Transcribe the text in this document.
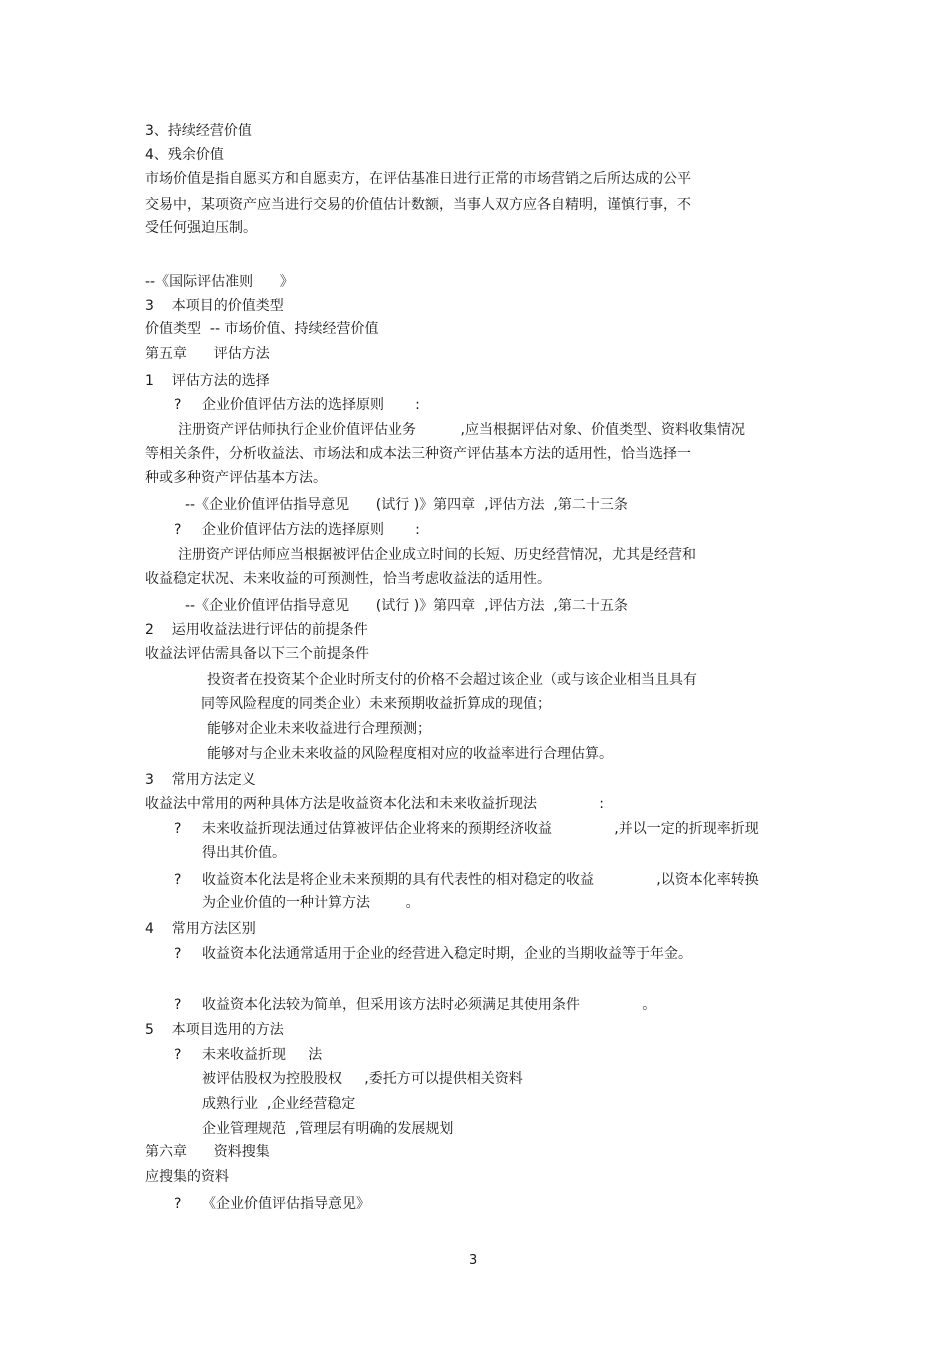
3、持续经营价值
4、残余价值
市场价值是指自愿买方和自愿卖方，在评估基准日进行正常的市场营销之后所达成的公平
交易中，某项资产应当进行交易的价值估计数额，当事人双方应各自精明，谨慎行事，不
受任何强迫压制。
--《国际评估准则      》
3    本项目的价值类型
价值类型  -- 市场价值、持续经营价值
第五章      评估方法
1    评估方法的选择
? 企业价值评估方法的选择原则       :
注册资产评估师执行企业价值评估业务          ,应当根据评估对象、价值类型、资料收集情况
等相关条件，分析收益法、市场法和成本法三种资产评估基本方法的适用性，恰当选择一
种或多种资产评估基本方法。
--《企业价值评估指导意见      (试行 )》第四章  ,评估方法  ,第二十三条
? 企业价值评估方法的选择原则       :
注册资产评估师应当根据被评估企业成立时间的长短、历史经营情况，尤其是经营和
收益稳定状况、未来收益的可预测性，恰当考虑收益法的适用性。
--《企业价值评估指导意见      (试行 )》第四章  ,评估方法  ,第二十五条
2    运用收益法进行评估的前提条件
收益法评估需具备以下三个前提条件
投资者在投资某个企业时所支付的价格不会超过该企业（或与该企业相当且具有
同等风险程度的同类企业）未来预期收益折算成的现值；
能够对企业未来收益进行合理预测；
能够对与企业未来收益的风险程度相对应的收益率进行合理估算。
3    常用方法定义
收益法中常用的两种具体方法是收益资本化法和未来收益折现法              :
? 未来收益折现法通过估算被评估企业将来的预期经济收益              ,并以一定的折现率折现
得出其价值。
? 收益资本化法是将企业未来预期的具有代表性的相对稳定的收益              ,以资本化率转换
为企业价值的一种计算方法        。
4    常用方法区别
? 收益资本化法通常适用于企业的经营进入稳定时期，企业的当期收益等于年金。
? 收益资本化法较为简单，但采用该方法时必须满足其使用条件              。
5    本项目选用的方法
? 未来收益折现     法
被评估股权为控股股权     ,委托方可以提供相关资料
成熟行业  ,企业经营稳定
企业管理规范  ,管理层有明确的发展规划
第六章      资料搜集
应搜集的资料
? 《企业价值评估指导意见》
3
